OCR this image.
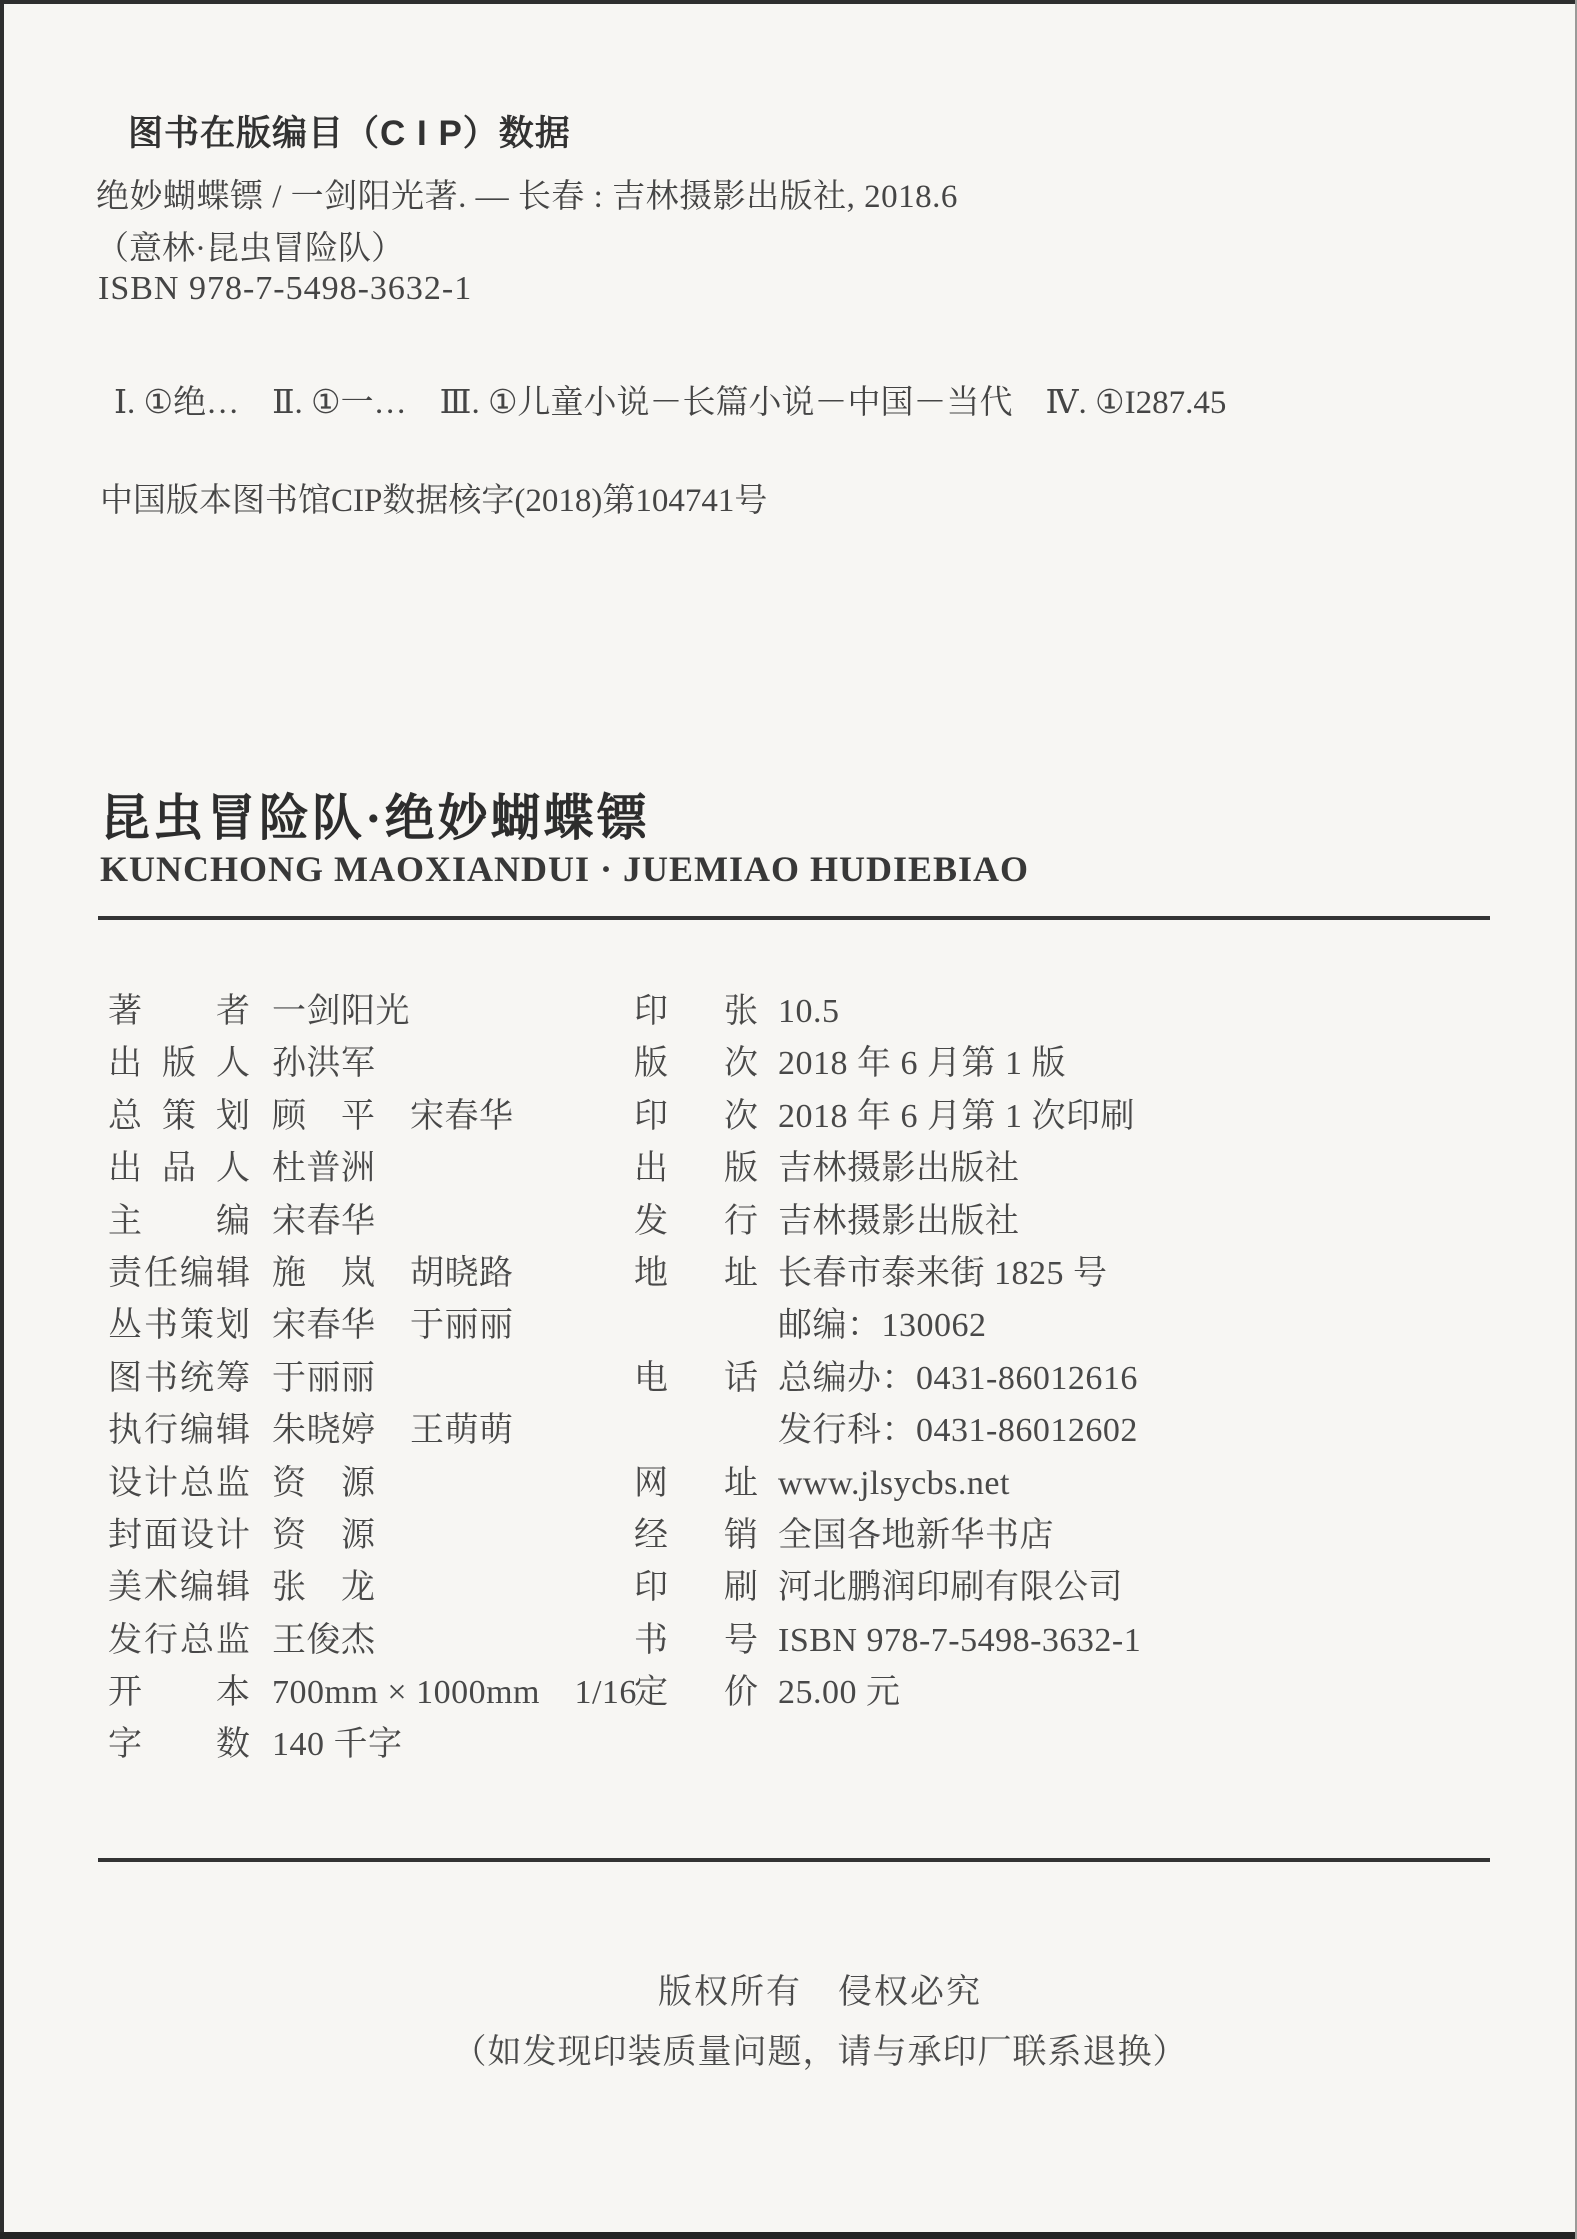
图书在版编目（C I P）数据
绝妙蝴蝶镖 / 一剑阳光著. — 长春 : 吉林摄影出版社, 2018.6
（意林·昆虫冒险队）
ISBN 978-7-5498-3632-1
Ⅰ. ①绝…　Ⅱ. ①一…　Ⅲ. ①儿童小说－长篇小说－中国－当代　Ⅳ. ①I287.45
中国版本图书馆CIP数据核字(2018)第104741号
昆虫冒险队·绝妙蝴蝶镖
KUNCHONG MAOXIANDUI · JUEMIAO HUDIEBIAO
著者 一剑阳光
出版人 孙洪军
总策划 顾　平　宋春华
出品人 杜普洲
主编 宋春华
责任编辑 施　岚　胡晓路
丛书策划 宋春华　于丽丽
图书统筹 于丽丽
执行编辑 朱晓婷　王萌萌
设计总监 资　源
封面设计 资　源
美术编辑 张　龙
发行总监 王俊杰
开本 700mm × 1000mm　1/16
字数 140 千字
印张 10.5
版次 2018 年 6 月第 1 版
印次 2018 年 6 月第 1 次印刷
出版 吉林摄影出版社
发行 吉林摄影出版社
地址 长春市泰来街 1825 号
邮编：130062
电话 总编办：0431-86012616
发行科：0431-86012602
网址 www.jlsycbs.net
经销 全国各地新华书店
印刷 河北鹏润印刷有限公司
书号 ISBN 978-7-5498-3632-1
定价 25.00 元
版权所有　侵权必究
（如发现印装质量问题，请与承印厂联系退换）
